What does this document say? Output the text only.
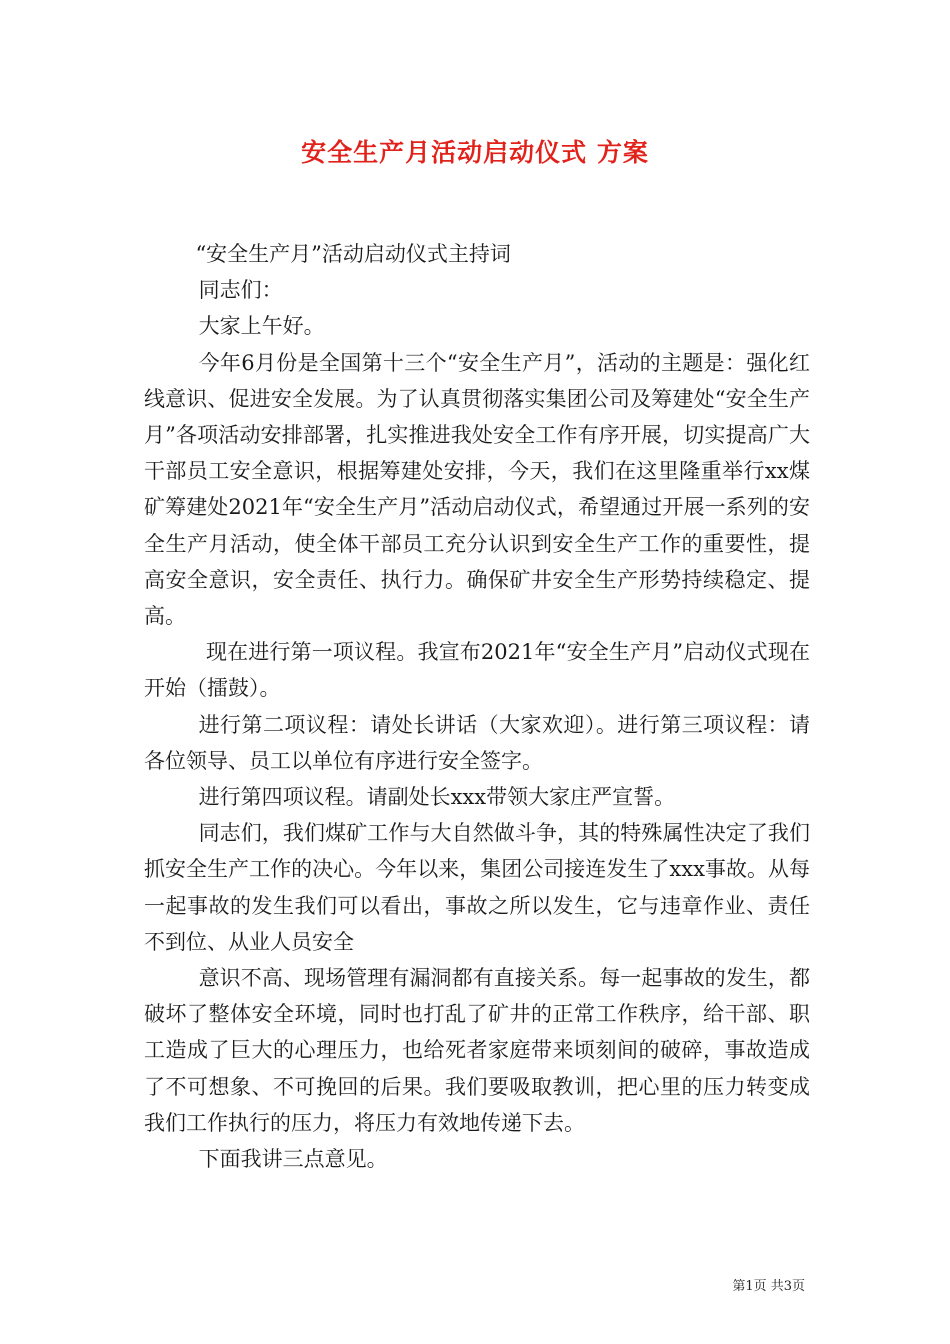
安全生产月活动启动仪式 方案

“安全生产月”活动启动仪式主持词

同志们：

大家上午好。

今年6月份是全国第十三个“安全生产月”，活动的主题是：强化红线意识、促进安全发展。为了认真贯彻落实集团公司及筹建处“安全生产月”各项活动安排部署，扎实推进我处安全工作有序开展，切实提高广大干部员工安全意识，根据筹建处安排，今天，我们在这里隆重举行xx煤矿筹建处2021年“安全生产月”活动启动仪式，希望通过开展一系列的安全生产月活动，使全体干部员工充分认识到安全生产工作的重要性，提高安全意识，安全责任、执行力。确保矿井安全生产形势持续稳定、提高。

现在进行第一项议程。我宣布2021年“安全生产月”启动仪式现在开始（擂鼓）。

进行第二项议程：请处长讲话（大家欢迎）。进行第三项议程：请各位领导、员工以单位有序进行安全签字。

进行第四项议程。请副处长xxx带领大家庄严宣誓。

同志们，我们煤矿工作与大自然做斗争，其的特殊属性决定了我们抓安全生产工作的决心。今年以来，集团公司接连发生了xxx事故。从每一起事故的发生我们可以看出，事故之所以发生，它与违章作业、责任不到位、从业人员安全

意识不高、现场管理有漏洞都有直接关系。每一起事故的发生，都破坏了整体安全环境，同时也打乱了矿井的正常工作秩序，给干部、职工造成了巨大的心理压力，也给死者家庭带来顷刻间的破碎，事故造成了不可想象、不可挽回的后果。我们要吸取教训，把心里的压力转变成我们工作执行的压力，将压力有效地传递下去。

下面我讲三点意见。

第1页 共3页
